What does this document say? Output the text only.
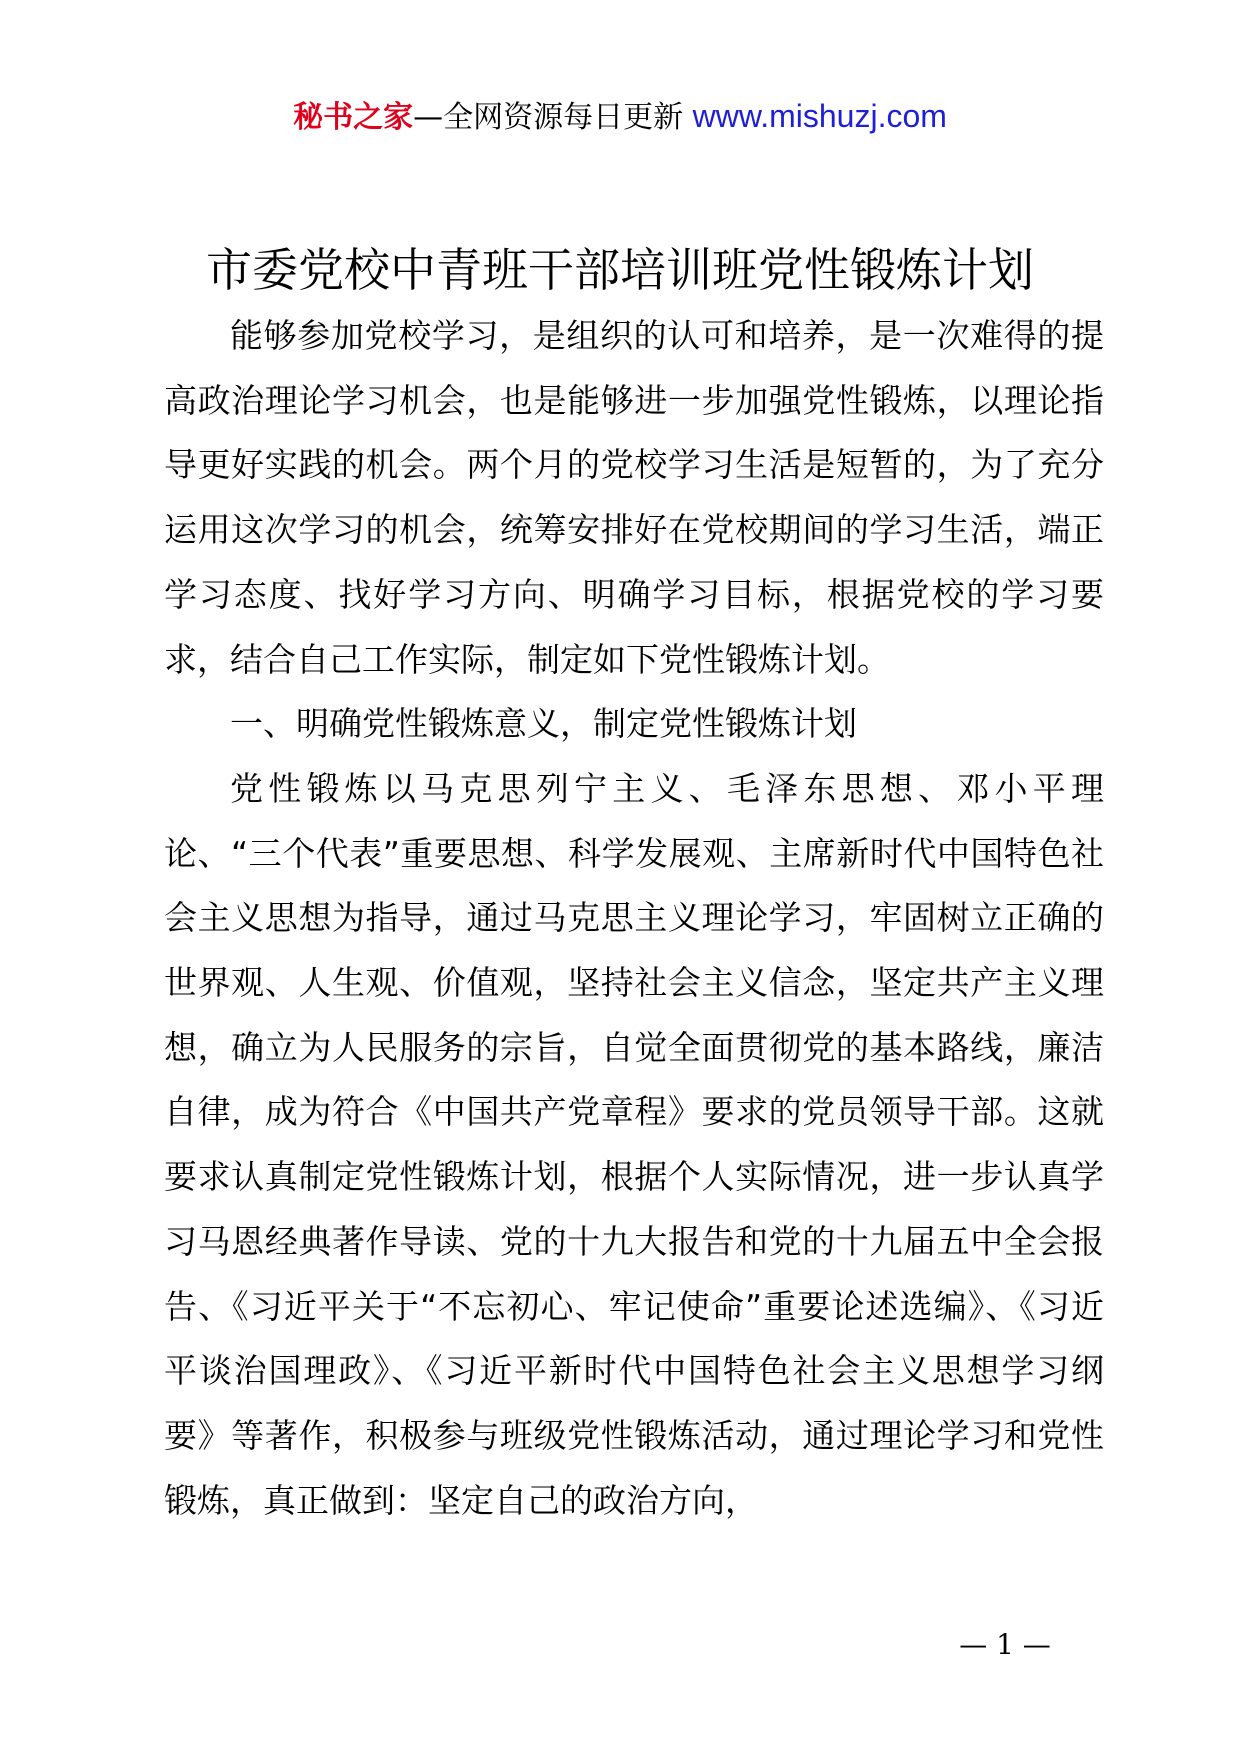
秘书之家—全网资源每日更新 www.mishuzj.com
市委党校中青班干部培训班党性锻炼计划

能够参加党校学习，是组织的认可和培养，是一次难得的提高政治理论学习机会，也是能够进一步加强党性锻炼，以理论指导更好实践的机会。两个月的党校学习生活是短暂的，为了充分运用这次学习的机会，统筹安排好在党校期间的学习生活，端正学习态度、找好学习方向、明确学习目标，根据党校的学习要求，结合自己工作实际，制定如下党性锻炼计划。

一、明确党性锻炼意义，制定党性锻炼计划

党性锻炼以马克思列宁主义、毛泽东思想、邓小平理论、“三个代表”重要思想、科学发展观、主席新时代中国特色社会主义思想为指导，通过马克思主义理论学习，牢固树立正确的世界观、人生观、价值观，坚持社会主义信念，坚定共产主义理想，确立为人民服务的宗旨，自觉全面贯彻党的基本路线，廉洁自律，成为符合《中国共产党章程》要求的党员领导干部。这就要求认真制定党性锻炼计划，根据个人实际情况，进一步认真学习马恩经典著作导读、党的十九大报告和党的十九届五中全会报告、《习近平关于“不忘初心、牢记使命”重要论述选编》、《习近平谈治国理政》、《习近平新时代中国特色社会主义思想学习纲要》等著作，积极参与班级党性锻炼活动，通过理论学习和党性锻炼，真正做到：坚定自己的政治方向，

— 1 —
